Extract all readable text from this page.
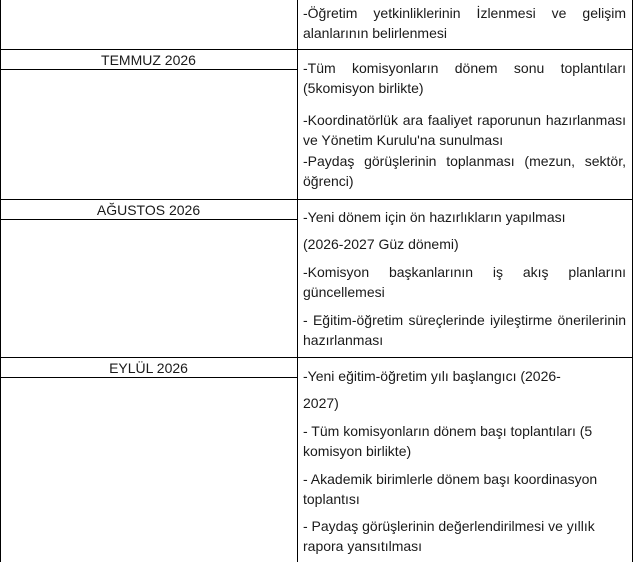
-Öğretim yetkinliklerinin İzlenmesi ve gelişim alanlarının belirlenmesi
TEMMUZ 2026	-Tüm komisyonların dönem sonu toplantıları (5komisyon birlikte)
-Koordinatörlük ara faaliyet raporunun hazırlanması ve Yönetim Kurulu'na sunulması
-Paydaş görüşlerinin toplanması (mezun, sektör, öğrenci)
AĞUSTOS 2026	-Yeni dönem için ön hazırlıkların yapılması
(2026-2027 Güz dönemi)
-Komisyon başkanlarının iş akış planlarını güncellemesi
- Eğitim-öğretim süreçlerinde iyileştirme önerilerinin hazırlanması
EYLÜL 2026	-Yeni eğitim-öğretim yılı başlangıcı (2026-
2027)
- Tüm komisyonların dönem başı toplantıları (5 komisyon birlikte)
- Akademik birimlerle dönem başı koordinasyon toplantısı
- Paydaş görüşlerinin değerlendirilmesi ve yıllık rapora yansıtılması
